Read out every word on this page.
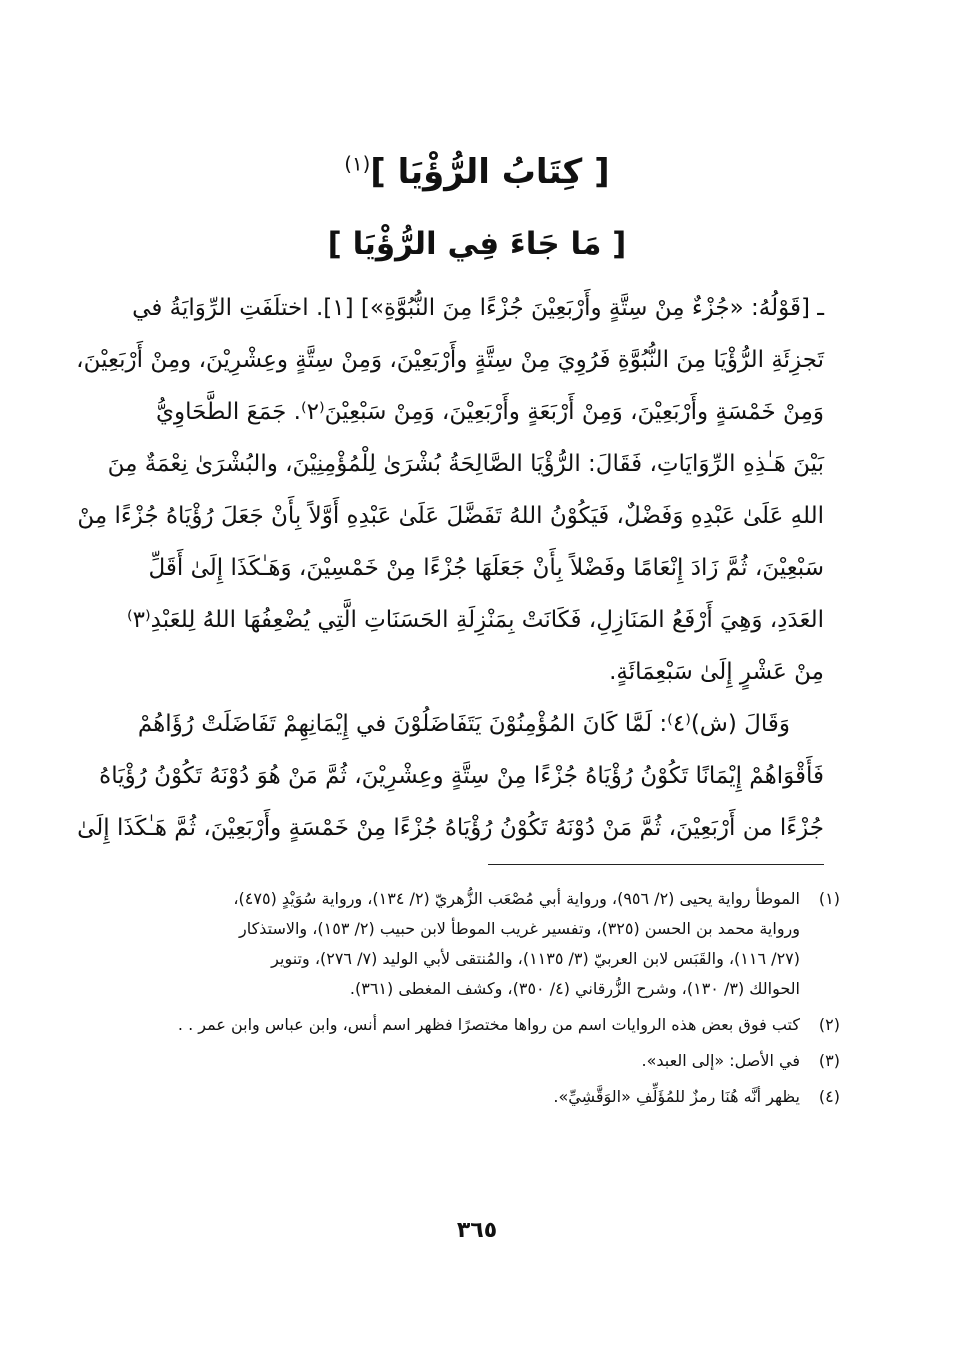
[ كِتَابُ الرُّؤْيَا ]$^{(١)}$
[ مَا جَاءَ فِي الرُّؤْيَا ]
ـ [قَوْلُهُ: «جُزْءٌ مِنْ سِتَّةٍ وأَرْبَعِيْنَ جُزْءًا مِنَ النُّبُوَّةِ»] [١]. اختلَفَتِ الرِّوَايَةُ في
تَجزِئَةِ الرُّؤْيَا مِنَ النُّبُوَّةِ فَرُوِيَ مِنْ سِتَّةٍ وأَرْبَعِيْنَ، وَمِنْ سِتَّةٍ وعِشْرِيْنَ، ومِنْ أَرْبَعِيْنَ،
وَمِنْ خَمْسَةٍ وأَرْبَعِيْنَ، وَمِنْ أَرْبَعَةٍ وأَرْبَعِيْنَ، وَمِنْ سَبْعِيْنَ⁽٢⁾. جَمَعَ الطَّحَاوِيُّ
بَيْنَ هَـٰذِهِ الرِّوَايَاتِ، فَقَالَ: الرُّؤْيَا الصَّالِحَةُ بُشْرَىٰ لِلْمُؤْمِنِيْنَ، والبُشْرَىٰ نِعْمَةٌ مِنَ
اللهِ عَلَىٰ عَبْدِهِ وَفَضْلٌ، فَيَكُوْنُ اللهُ تَفَضَّلَ عَلَىٰ عَبْدِهِ أَوَّلاً بِأَنْ جَعَلَ رُؤْيَاهُ جُزْءًا مِنْ
سَبْعِيْنَ، ثُمَّ زَادَ إِنْعَامًا وفَضْلاً بِأَنْ جَعَلَهَا جُزْءًا مِنْ خَمْسِيْنَ، وَهَـٰكَذَا إِلَىٰ أَقَلِّ
العَدَدِ، وَهِيَ أَرْفَعُ المَنَازِلِ، فَكَانَتْ بِمَنْزِلَةِ الحَسَنَاتِ الَّتِي يُضْعِفُهَا اللهُ لِلعَبْدِ⁽٣⁾
مِنْ عَشْرٍ إِلَىٰ سَبْعِمَائَةٍ.
وَقَالَ (ش)⁽٤⁾: لَمَّا كَانَ المُؤْمِنُوْنَ يَتَفَاضَلُوْنَ في إِيْمَانِهِمْ تَفَاضَلَتْ رُؤَاهُمْ
فَأَقْوَاهُمْ إِيْمَانًا تَكُوْنُ رُؤْيَاهُ جُزْءًا مِنْ سِتَّةٍ وعِشْرِيْنَ، ثُمَّ مَنْ هُوَ دُوْنَهُ تَكُوْنُ رُؤْيَاهُ
جُزْءًا من أَرْبَعِيْنَ، ثُمَّ مَنْ دُوْنَهُ تَكُوْنُ رُؤْيَاهُ جُزْءًا مِنْ خَمْسَةٍ وأَرْبَعِيْنَ، ثُمَّ هَـٰكَذَا إِلَىٰ
(١)
الموطأ رواية يحيى (٢/ ٩٥٦)، ورواية أبي مُصْعَب الزُّهريّ (٢/ ١٣٤)، ورواية سُوَيْدٍ (٤٧٥)،
ورواية محمد بن الحسن (٣٢٥)، وتفسير غريب الموطأ لابن حبيب (٢/ ١٥٣)، والاستذكار
(٢٧/ ١١٦)، والقَبَس لابن العربيّ (٣/ ١١٣٥)، والمُنتقى لأبي الوليد (٧/ ٢٧٦)، وتنوير
الحوالك (٣/ ١٣٠)، وشرح الزُّرقاني (٤/ ٣٥٠)، وكشف المغطى (٣٦١).
(٢)
كتب فوق بعض هذه الروايات اسم من رواها مختصرًا فظهر اسم أنس، وابن عباس وابن عمر . .
(٣)
في الأصل: «إلى العبد».
(٤)
يظهر أنَّه هُنَا رمزٌ للمُؤَلِّفِ «الوَقَّشِيِّ».
٣٦٥
